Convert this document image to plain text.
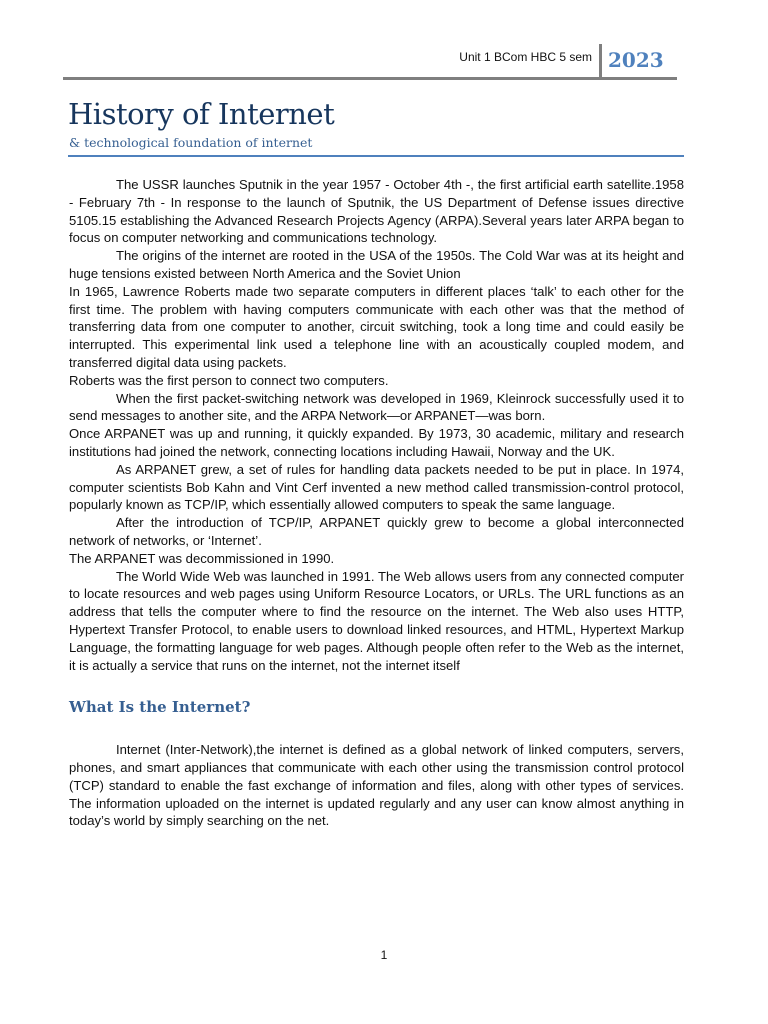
Unit 1 BCom HBC 5 sem 2023
History of Internet
& technological foundation of internet

The USSR launches Sputnik in the year 1957 - October 4th -, the first artificial earth satellite.1958 - February 7th - In response to the launch of Sputnik, the US Department of Defense issues directive 5105.15 establishing the Advanced Research Projects Agency (ARPA).Several years later ARPA began to focus on computer networking and communications technology.

The origins of the internet are rooted in the USA of the 1950s. The Cold War was at its height and huge tensions existed between North America and the Soviet Union

In 1965, Lawrence Roberts made two separate computers in different places ‘talk’ to each other for the first time. The problem with having computers communicate with each other was that the method of transferring data from one computer to another, circuit switching, took a long time and could easily be interrupted. This experimental link used a telephone line with an acoustically coupled modem, and transferred digital data using packets.

Roberts was the first person to connect two computers.

When the first packet-switching network was developed in 1969, Kleinrock successfully used it to send messages to another site, and the ARPA Network—or ARPANET—was born.

Once ARPANET was up and running, it quickly expanded. By 1973, 30 academic, military and research institutions had joined the network, connecting locations including Hawaii, Norway and the UK.

As ARPANET grew, a set of rules for handling data packets needed to be put in place. In 1974, computer scientists Bob Kahn and Vint Cerf invented a new method called transmission-control protocol, popularly known as TCP/IP, which essentially allowed computers to speak the same language.

After the introduction of TCP/IP, ARPANET quickly grew to become a global interconnected network of networks, or ‘Internet’.

The ARPANET was decommissioned in 1990.

The World Wide Web was launched in 1991. The Web allows users from any connected computer to locate resources and web pages using Uniform Resource Locators, or URLs. The URL functions as an address that tells the computer where to find the resource on the internet. The Web also uses HTTP, Hypertext Transfer Protocol, to enable users to download linked resources, and HTML, Hypertext Markup Language, the formatting language for web pages. Although people often refer to the Web as the internet, it is actually a service that runs on the internet, not the internet itself

What Is the Internet?

Internet (Inter-Network),the internet is defined as a global network of linked computers, servers, phones, and smart appliances that communicate with each other using the transmission control protocol (TCP) standard to enable the fast exchange of information and files, along with other types of services. The information uploaded on the internet is updated regularly and any user can know almost anything in today’s world by simply searching on the net.

1
